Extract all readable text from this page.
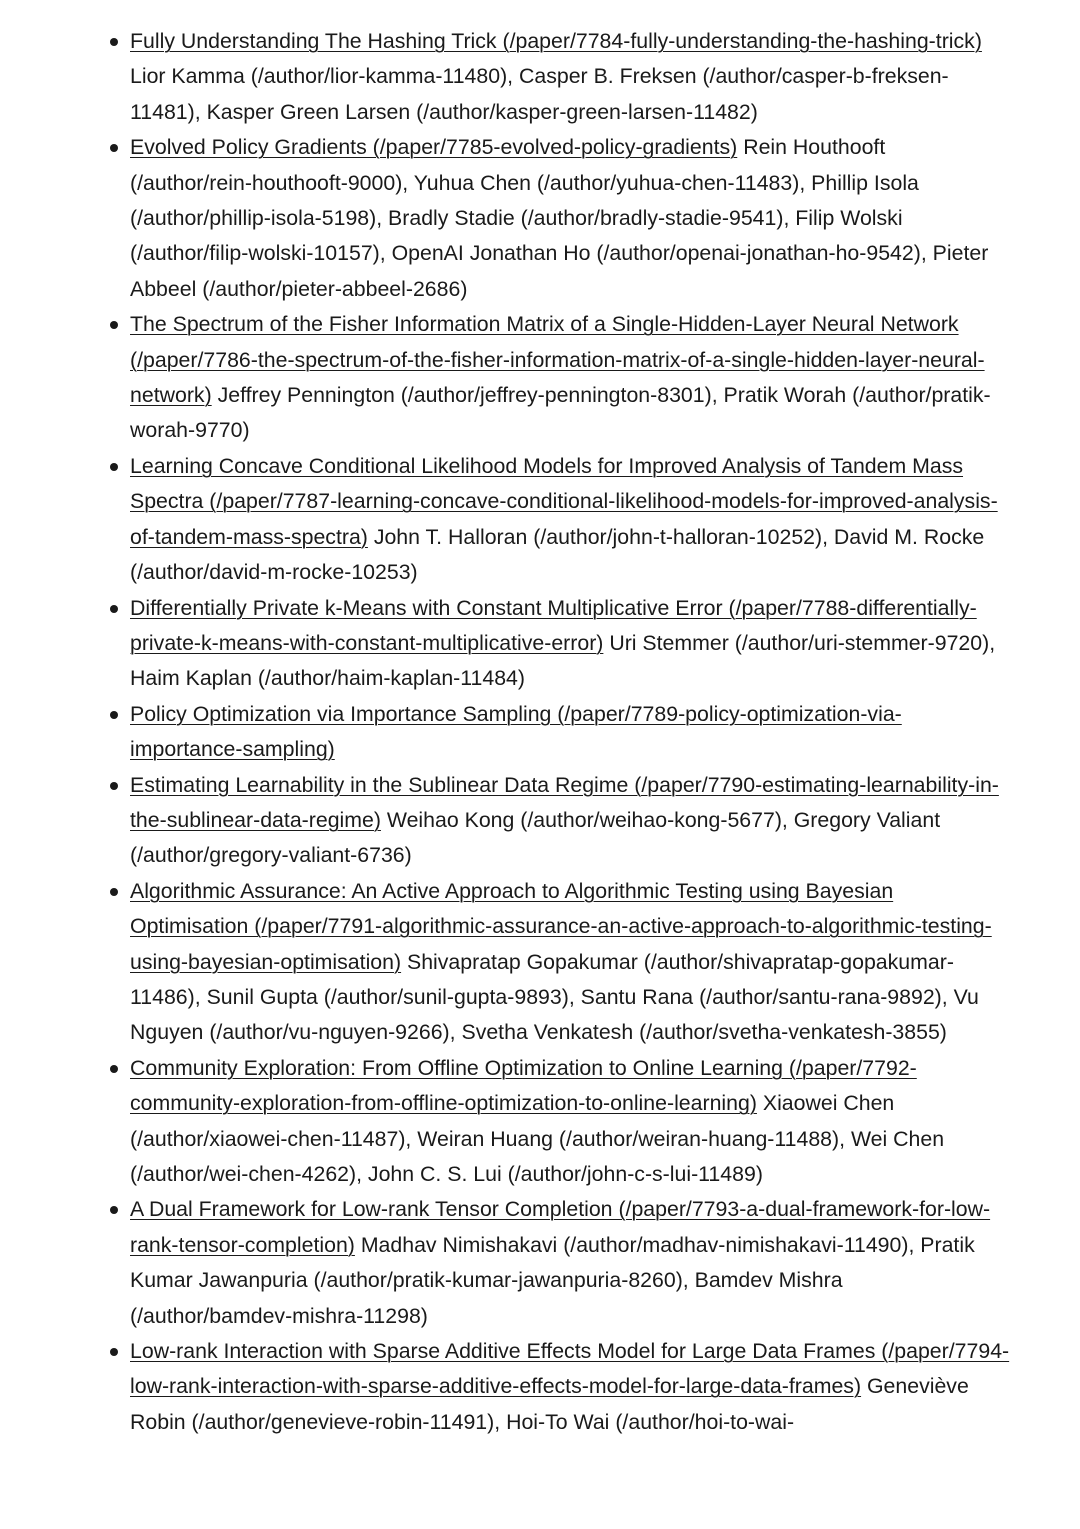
Fully Understanding The Hashing Trick (/paper/7784-fully-understanding-the-hashing-trick) Lior Kamma (/author/lior-kamma-11480), Casper B. Freksen (/author/casper-b-freksen-11481), Kasper Green Larsen (/author/kasper-green-larsen-11482)
Evolved Policy Gradients (/paper/7785-evolved-policy-gradients) Rein Houthooft (/author/rein-houthooft-9000), Yuhua Chen (/author/yuhua-chen-11483), Phillip Isola (/author/phillip-isola-5198), Bradly Stadie (/author/bradly-stadie-9541), Filip Wolski (/author/filip-wolski-10157), OpenAI Jonathan Ho (/author/openai-jonathan-ho-9542), Pieter Abbeel (/author/pieter-abbeel-2686)
The Spectrum of the Fisher Information Matrix of a Single-Hidden-Layer Neural Network (/paper/7786-the-spectrum-of-the-fisher-information-matrix-of-a-single-hidden-layer-neural-network) Jeffrey Pennington (/author/jeffrey-pennington-8301), Pratik Worah (/author/pratik-worah-9770)
Learning Concave Conditional Likelihood Models for Improved Analysis of Tandem Mass Spectra (/paper/7787-learning-concave-conditional-likelihood-models-for-improved-analysis-of-tandem-mass-spectra) John T. Halloran (/author/john-t-halloran-10252), David M. Rocke (/author/david-m-rocke-10253)
Differentially Private k-Means with Constant Multiplicative Error (/paper/7788-differentially-private-k-means-with-constant-multiplicative-error) Uri Stemmer (/author/uri-stemmer-9720), Haim Kaplan (/author/haim-kaplan-11484)
Policy Optimization via Importance Sampling (/paper/7789-policy-optimization-via-importance-sampling)
Estimating Learnability in the Sublinear Data Regime (/paper/7790-estimating-learnability-in-the-sublinear-data-regime) Weihao Kong (/author/weihao-kong-5677), Gregory Valiant (/author/gregory-valiant-6736)
Algorithmic Assurance: An Active Approach to Algorithmic Testing using Bayesian Optimisation (/paper/7791-algorithmic-assurance-an-active-approach-to-algorithmic-testing-using-bayesian-optimisation) Shivapratap Gopakumar (/author/shivapratap-gopakumar-11486), Sunil Gupta (/author/sunil-gupta-9893), Santu Rana (/author/santu-rana-9892), Vu Nguyen (/author/vu-nguyen-9266), Svetha Venkatesh (/author/svetha-venkatesh-3855)
Community Exploration: From Offline Optimization to Online Learning (/paper/7792-community-exploration-from-offline-optimization-to-online-learning) Xiaowei Chen (/author/xiaowei-chen-11487), Weiran Huang (/author/weiran-huang-11488), Wei Chen (/author/wei-chen-4262), John C. S. Lui (/author/john-c-s-lui-11489)
A Dual Framework for Low-rank Tensor Completion (/paper/7793-a-dual-framework-for-low-rank-tensor-completion) Madhav Nimishakavi (/author/madhav-nimishakavi-11490), Pratik Kumar Jawanpuria (/author/pratik-kumar-jawanpuria-8260), Bamdev Mishra (/author/bamdev-mishra-11298)
Low-rank Interaction with Sparse Additive Effects Model for Large Data Frames (/paper/7794-low-rank-interaction-with-sparse-additive-effects-model-for-large-data-frames) Geneviève Robin (/author/genevieve-robin-11491), Hoi-To Wai (/author/hoi-to-wai-
